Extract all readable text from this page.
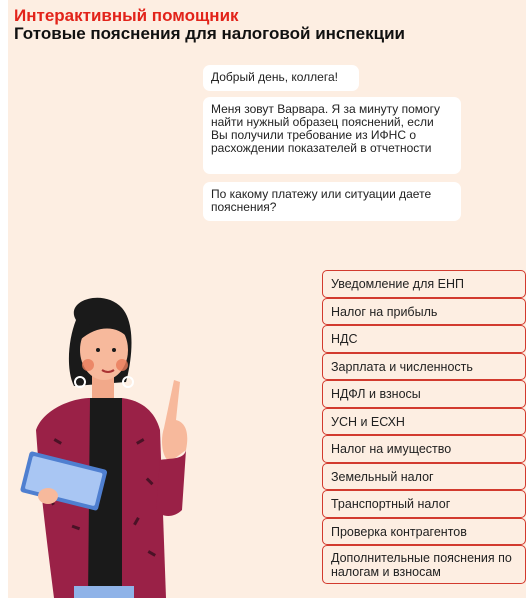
Интерактивный помощник
Готовые пояснения для налоговой инспекции
Добрый день, коллега!
Меня зовут Варвара. Я за минуту помогу найти нужный образец пояснений, если Вы получили требование из ИФНС о расхождении показателей в отчетности
По какому платежу или ситуации даете пояснения?
Уведомление для ЕНП
Налог на прибыль
НДС
Зарплата и численность
НДФЛ и взносы
УСН и ЕСХН
Налог на имущество
Земельный налог
Транспортный налог
Проверка контрагентов
Дополнительные пояснения по налогам и взносам
